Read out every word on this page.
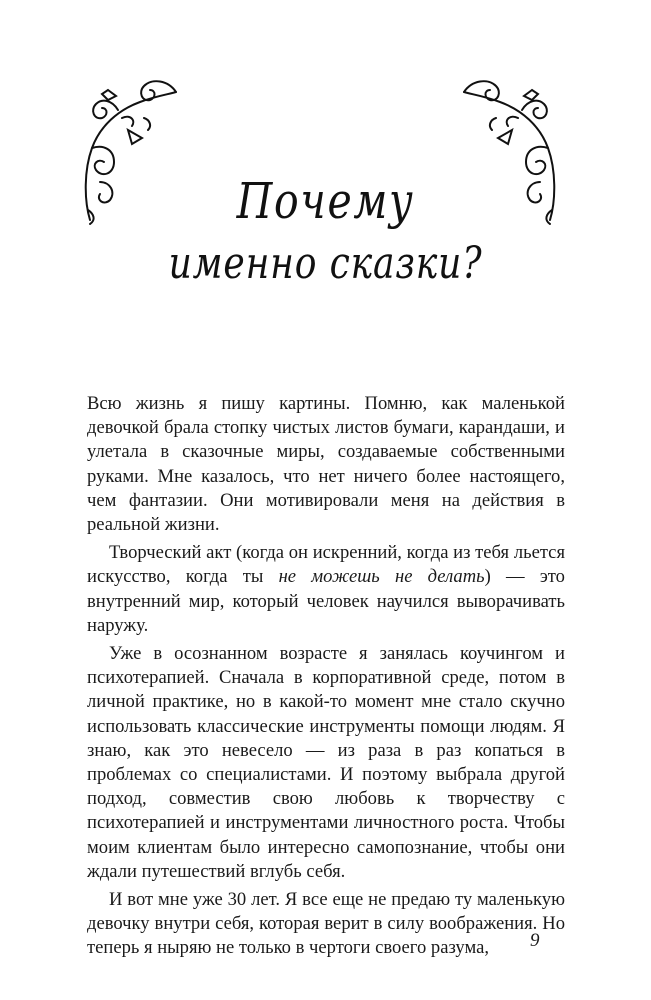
Почему
именно сказки?

Всю жизнь я пишу картины. Помню, как маленькой девочкой брала стопку чистых листов бумаги, карандаши, и улетала в сказочные миры, создаваемые собственными руками. Мне казалось, что нет ничего более настоящего, чем фантазии. Они мотивировали меня на действия в реальной жизни.

Творческий акт (когда он искренний, когда из тебя льется искусство, когда ты не можешь не делать) — это внутренний мир, который человек научился выворачивать наружу.

Уже в осознанном возрасте я занялась коучингом и психотерапией. Сначала в корпоративной среде, потом в личной практике, но в какой-то момент мне стало скучно использовать классические инструменты помощи людям. Я знаю, как это невесело — из раза в раз копаться в проблемах со специалистами. И поэтому выбрала другой подход, совместив свою любовь к творчеству с психотерапией и инструментами личностного роста. Чтобы моим клиентам было интересно самопознание, чтобы они ждали путешествий вглубь себя.

И вот мне уже 30 лет. Я все еще не предаю ту маленькую девочку внутри себя, которая верит в силу воображения. Но теперь я ныряю не только в чертоги своего разума,	9
